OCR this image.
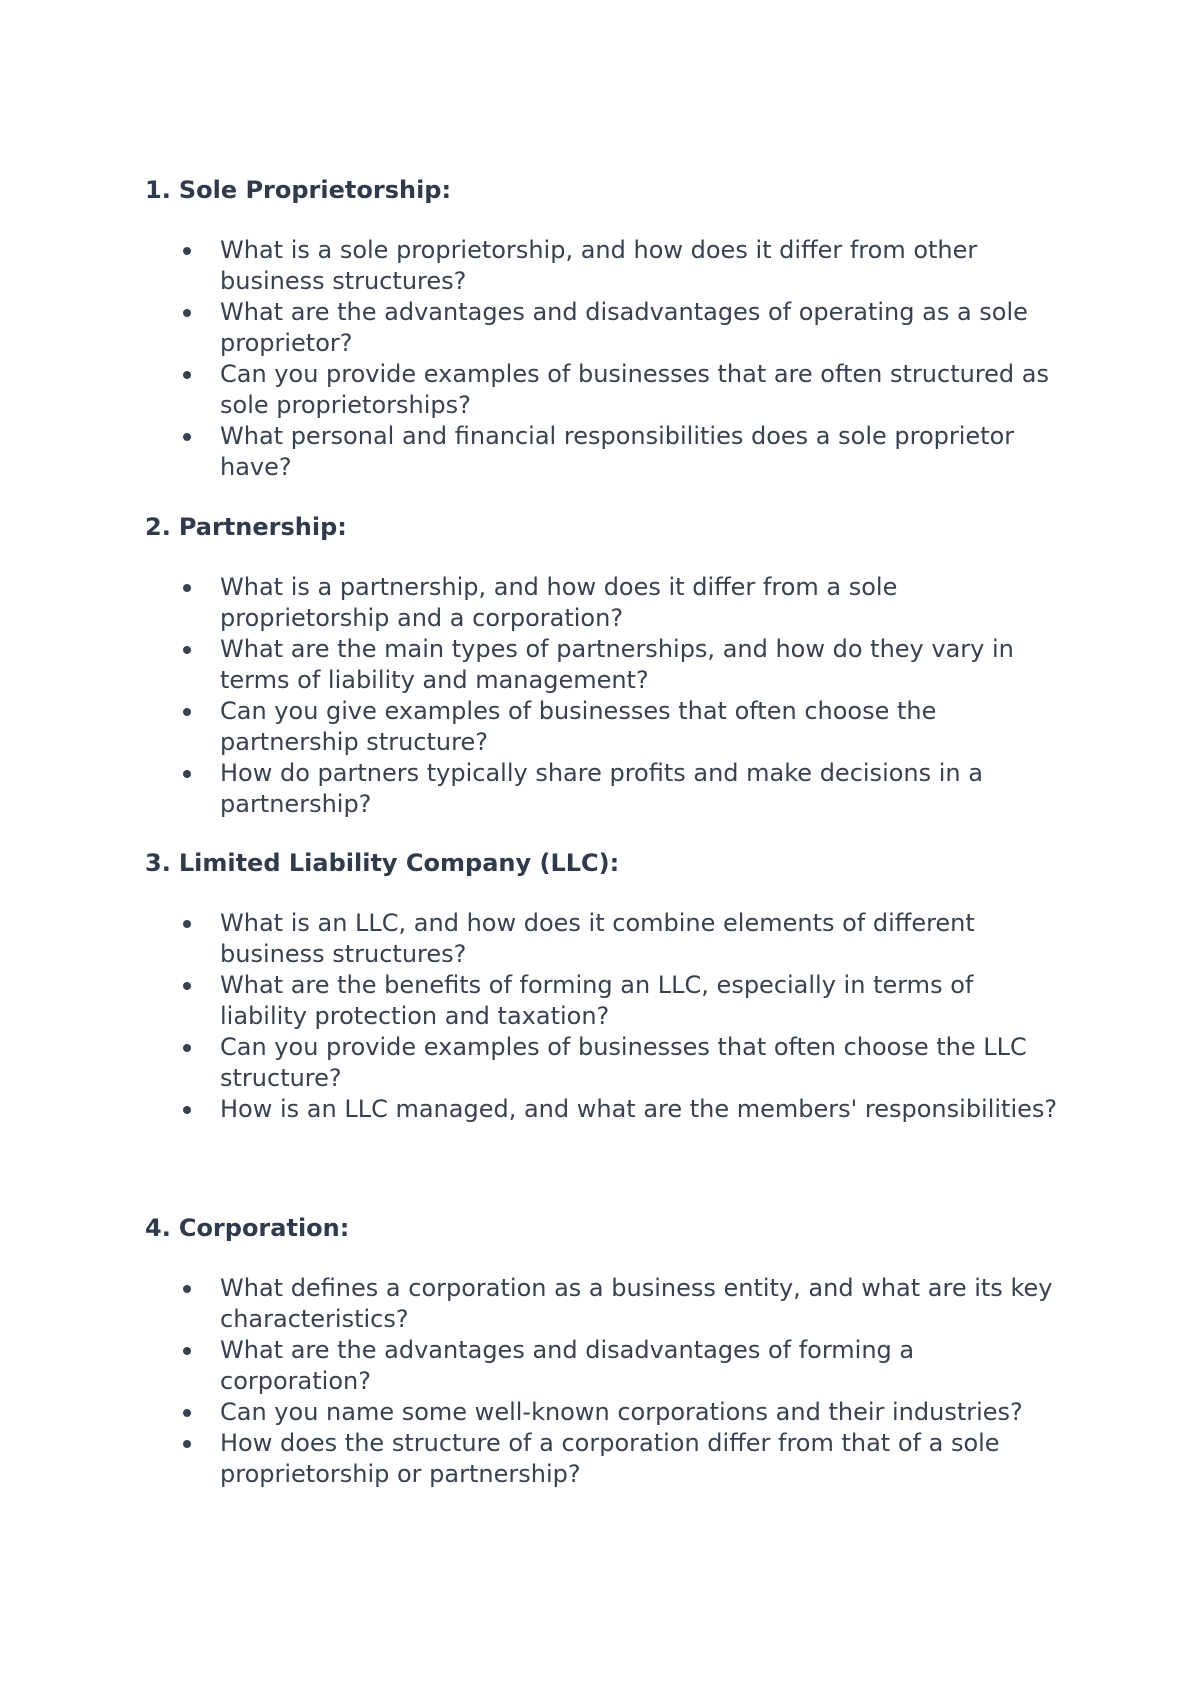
1. Sole Proprietorship:
What is a sole proprietorship, and how does it differ from other business structures?
What are the advantages and disadvantages of operating as a sole proprietor?
Can you provide examples of businesses that are often structured as sole proprietorships?
What personal and financial responsibilities does a sole proprietor have?
2. Partnership:
What is a partnership, and how does it differ from a sole proprietorship and a corporation?
What are the main types of partnerships, and how do they vary in terms of liability and management?
Can you give examples of businesses that often choose the partnership structure?
How do partners typically share profits and make decisions in a partnership?
3. Limited Liability Company (LLC):
What is an LLC, and how does it combine elements of different business structures?
What are the benefits of forming an LLC, especially in terms of liability protection and taxation?
Can you provide examples of businesses that often choose the LLC structure?
How is an LLC managed, and what are the members' responsibilities?
4. Corporation:
What defines a corporation as a business entity, and what are its key characteristics?
What are the advantages and disadvantages of forming a corporation?
Can you name some well-known corporations and their industries?
How does the structure of a corporation differ from that of a sole proprietorship or partnership?
